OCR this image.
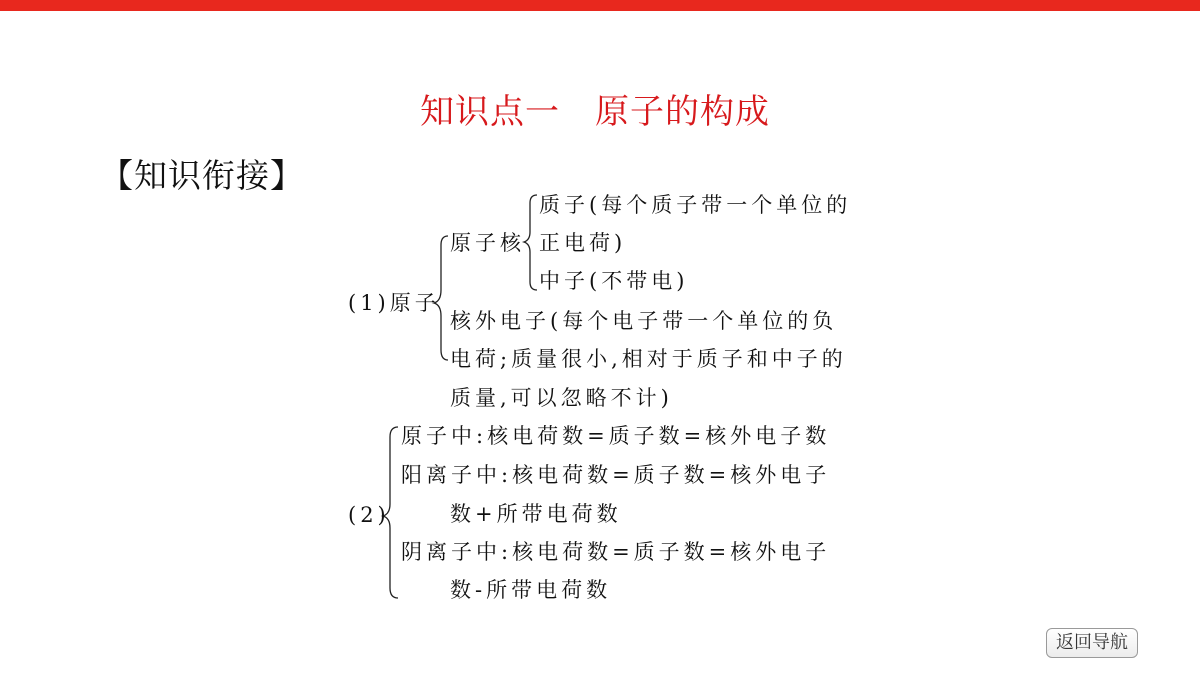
知识点一　原子的构成
【知识衔接】
质子(每个质子带一个单位的
正电荷)
原子核
中子(不带电)
(1)原子
核外电子(每个电子带一个单位的负
电荷;质量很小,相对于质子和中子的
质量,可以忽略不计)
原子中:核电荷数=质子数=核外电子数
阳离子中:核电荷数=质子数=核外电子
(2)	数+所带电荷数
阴离子中:核电荷数=质子数=核外电子
数-所带电荷数
返回导航
